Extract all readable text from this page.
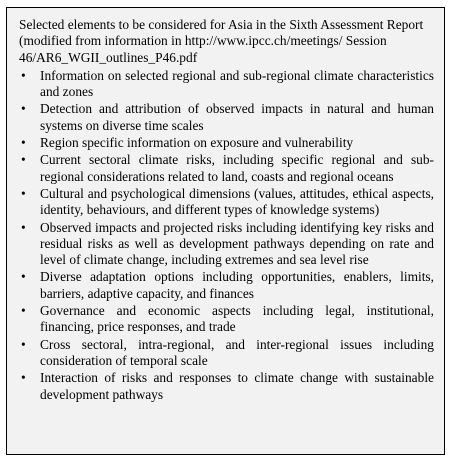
Selected elements to be considered for Asia in the Sixth Assessment Report (modified from information in http://www.ipcc.ch/meetings/ Session 46/AR6_WGII_outlines_P46.pdf
• Information on selected regional and sub-regional climate characteristics and zones
• Detection and attribution of observed impacts in natural and human systems on diverse time scales
• Region specific information on exposure and vulnerability
• Current sectoral climate risks, including specific regional and sub-regional considerations related to land, coasts and regional oceans
• Cultural and psychological dimensions (values, attitudes, ethical aspects, identity, behaviours, and different types of knowledge systems)
• Observed impacts and projected risks including identifying key risks and residual risks as well as development pathways depending on rate and level of climate change, including extremes and sea level rise
• Diverse adaptation options including opportunities, enablers, limits, barriers, adaptive capacity, and finances
• Governance and economic aspects including legal, institutional, financing, price responses, and trade
• Cross sectoral, intra-regional, and inter-regional issues including consideration of temporal scale
• Interaction of risks and responses to climate change with sustainable development pathways
